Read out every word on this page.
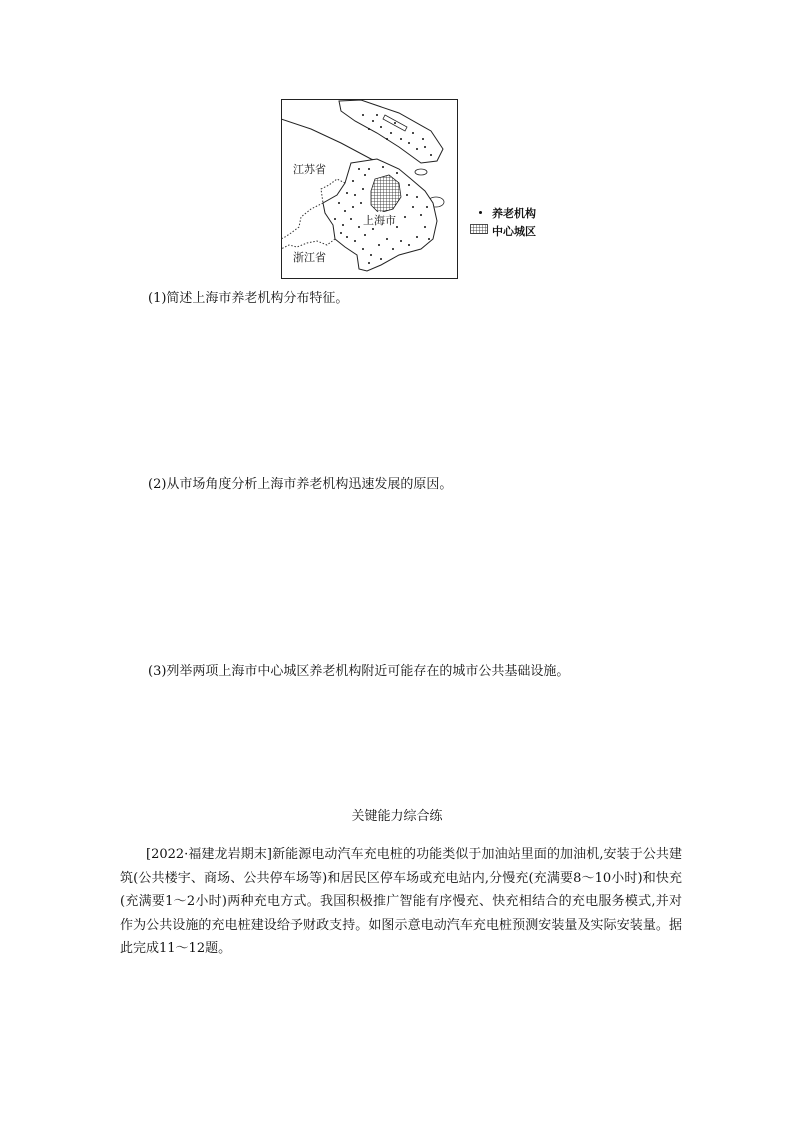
江苏省
上海市
浙江省
养老机构
中心城区
(1)简述上海市养老机构分布特征。
(2)从市场角度分析上海市养老机构迅速发展的原因。
(3)列举两项上海市中心城区养老机构附近可能存在的城市公共基础设施。
关键能力综合练
[2022·福建龙岩期末]新能源电动汽车充电桩的功能类似于加油站里面的加油机,安装于公共建筑(公共楼宇、商场、公共停车场等)和居民区停车场或充电站内,分慢充(充满要8～10小时)和快充(充满要1～2小时)两种充电方式。我国积极推广智能有序慢充、快充相结合的充电服务模式,并对作为公共设施的充电桩建设给予财政支持。如图示意电动汽车充电桩预测安装量及实际安装量。据此完成11～12题。
